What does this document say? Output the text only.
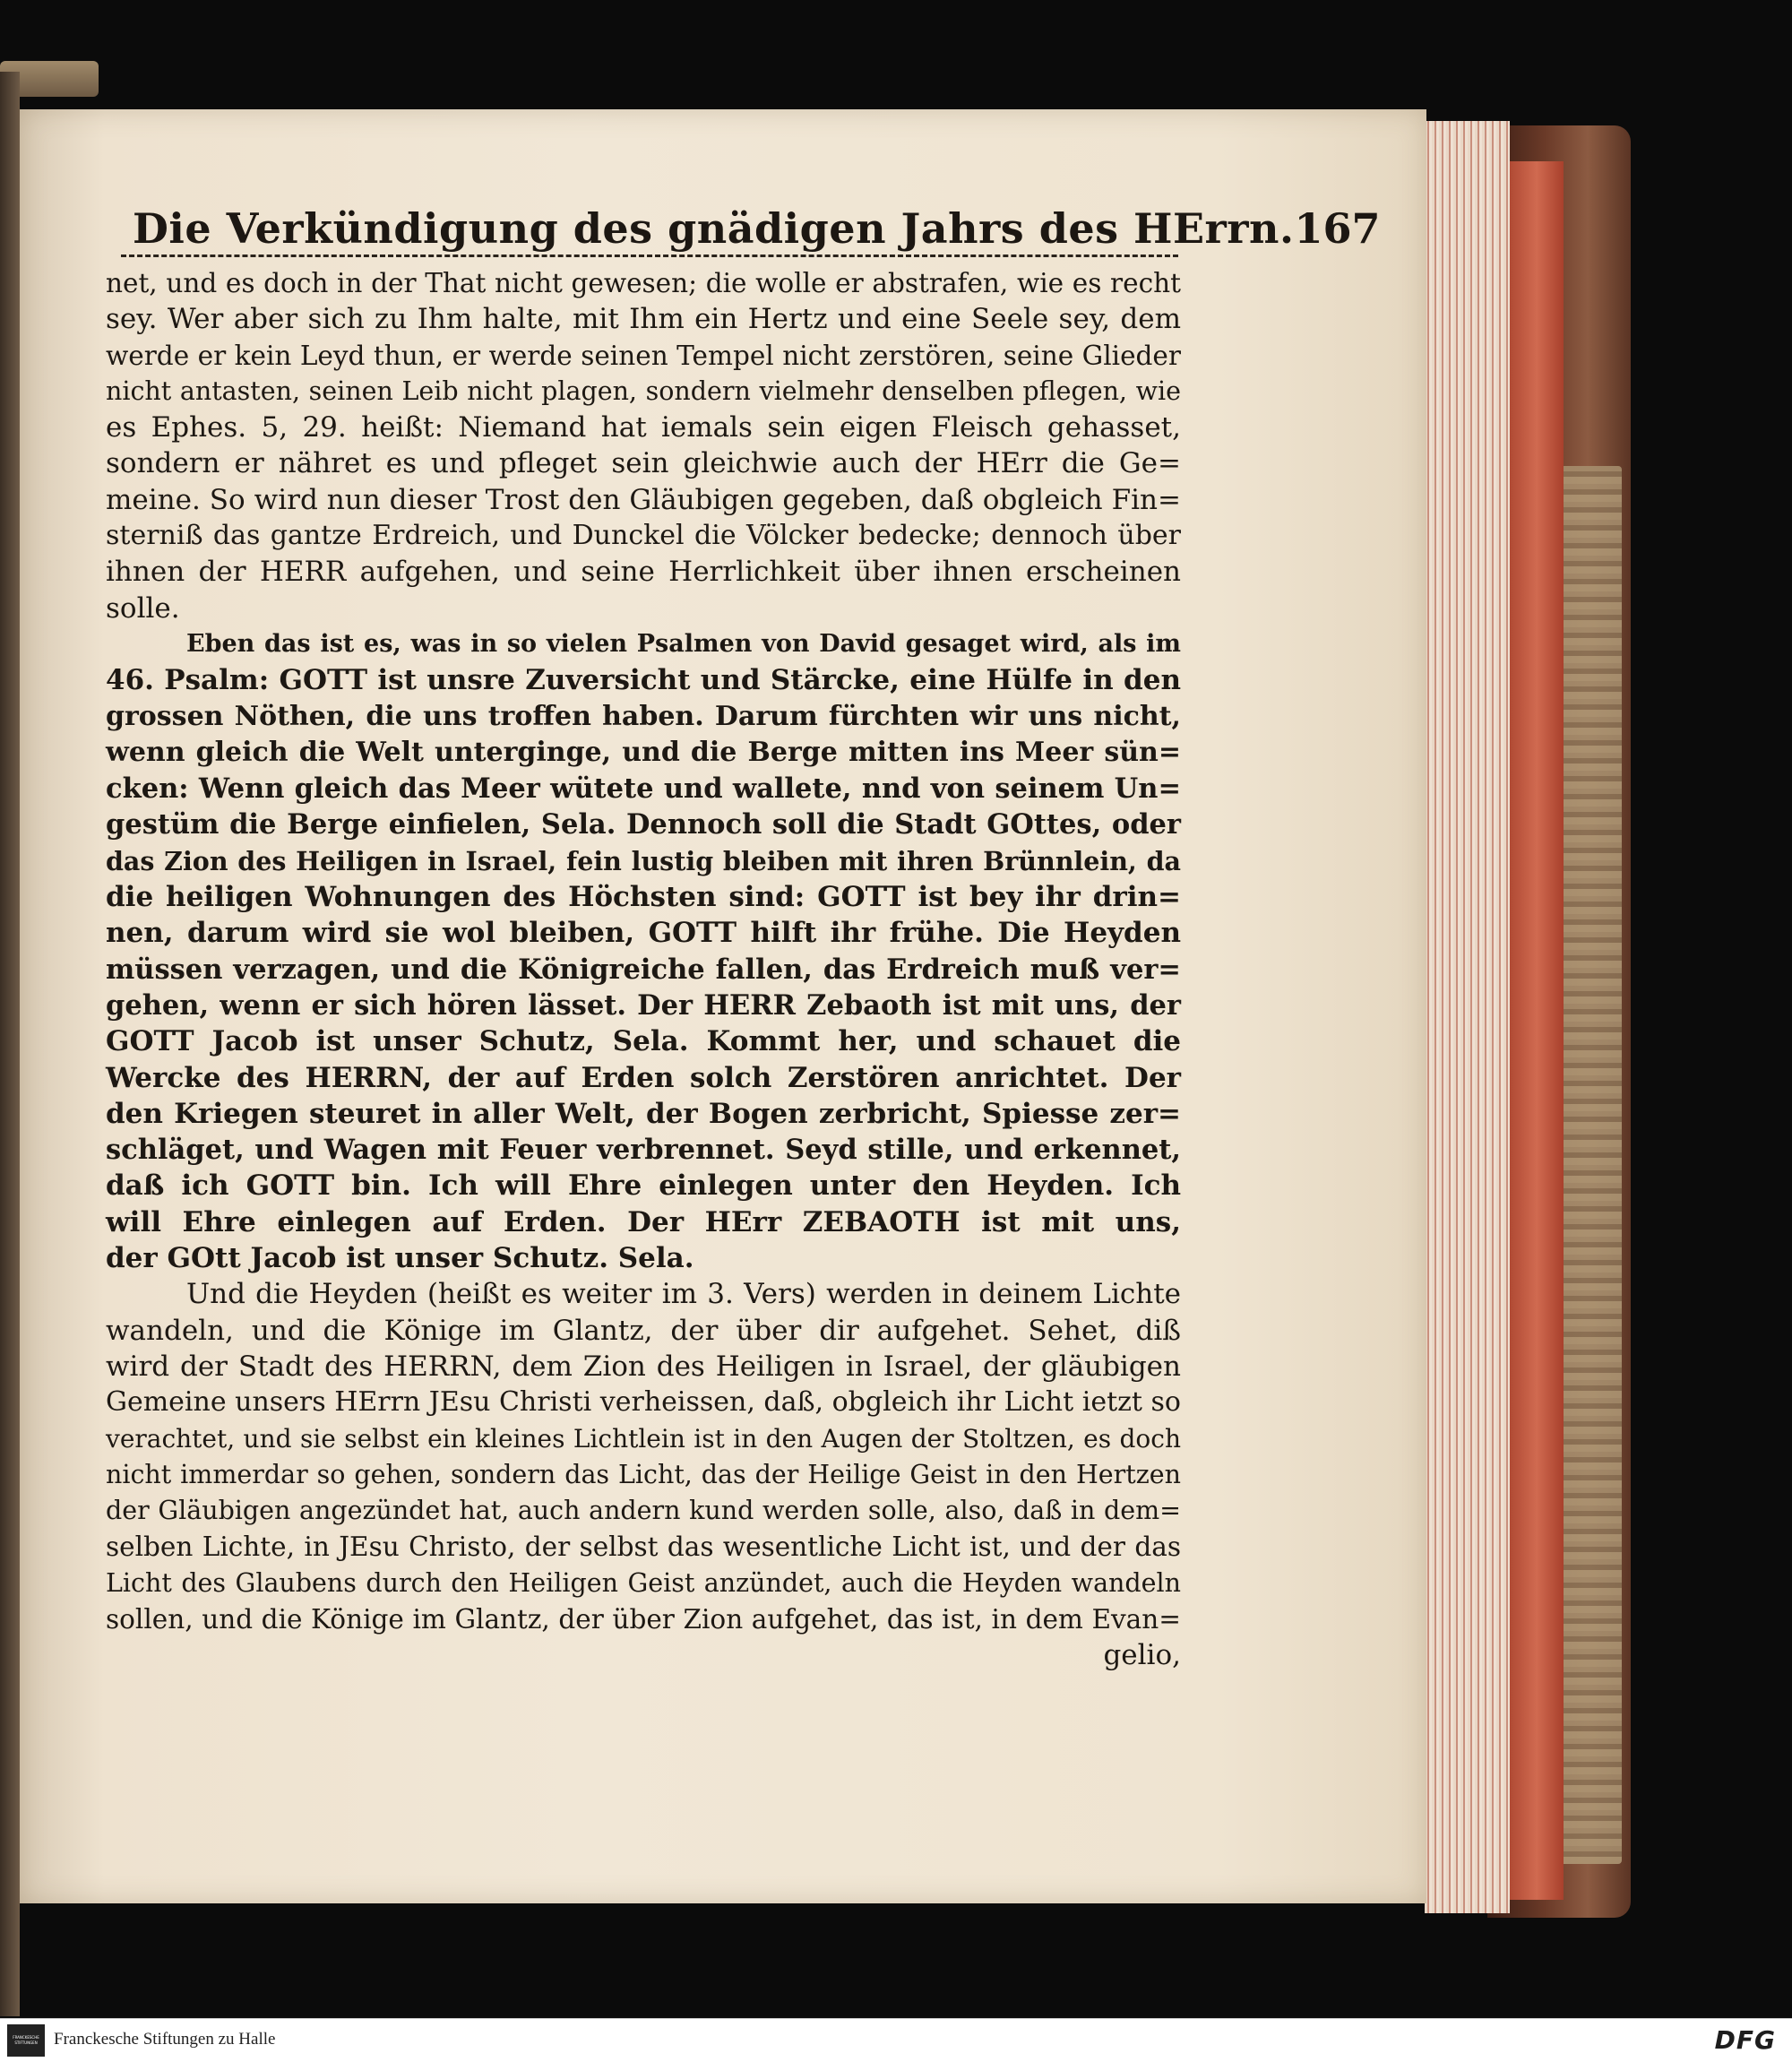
Die Verkündigung des gnädigen Jahrs des HErrn. 167
net, und es doch in der That nicht gewesen; die wolle er abstrafen, wie es recht
sey. Wer aber sich zu Ihm halte, mit Ihm ein Hertz und eine Seele sey, dem
werde er kein Leyd thun, er werde seinen Tempel nicht zerstören, seine Glieder
nicht antasten, seinen Leib nicht plagen, sondern vielmehr denselben pflegen, wie
es Ephes. 5, 29. heißt: Niemand hat iemals sein eigen Fleisch gehasset,
sondern er nähret es und pfleget sein gleichwie auch der HErr die Ge=
meine. So wird nun dieser Trost den Gläubigen gegeben, daß obgleich Fin=
sterniß das gantze Erdreich, und Dunckel die Völcker bedecke; dennoch über
ihnen der HERR aufgehen, und seine Herrlichkeit über ihnen erscheinen
solle.
Eben das ist es, was in so vielen Psalmen von David gesaget wird, als im
46. Psalm: GOTT ist unsre Zuversicht und Stärcke, eine Hülfe in den
grossen Nöthen, die uns troffen haben. Darum fürchten wir uns nicht,
wenn gleich die Welt unterginge, und die Berge mitten ins Meer sün=
cken: Wenn gleich das Meer wütete und wallete, nnd von seinem Un=
gestüm die Berge einfielen, Sela. Dennoch soll die Stadt GOttes, oder
das Zion des Heiligen in Israel, fein lustig bleiben mit ihren Brünnlein, da
die heiligen Wohnungen des Höchsten sind: GOTT ist bey ihr drin=
nen, darum wird sie wol bleiben, GOTT hilft ihr frühe. Die Heyden
müssen verzagen, und die Königreiche fallen, das Erdreich muß ver=
gehen, wenn er sich hören lässet. Der HERR Zebaoth ist mit uns, der
GOTT Jacob ist unser Schutz, Sela. Kommt her, und schauet die
Wercke des HERRN, der auf Erden solch Zerstören anrichtet. Der
den Kriegen steuret in aller Welt, der Bogen zerbricht, Spiesse zer=
schläget, und Wagen mit Feuer verbrennet. Seyd stille, und erkennet,
daß ich GOTT bin. Ich will Ehre einlegen unter den Heyden. Ich
will Ehre einlegen auf Erden. Der HErr ZEBAOTH ist mit uns,
der GOtt Jacob ist unser Schutz. Sela.
Und die Heyden (heißt es weiter im 3. Vers) werden in deinem Lichte
wandeln, und die Könige im Glantz, der über dir aufgehet. Sehet, diß
wird der Stadt des HERRN, dem Zion des Heiligen in Israel, der gläubigen
Gemeine unsers HErrn JEsu Christi verheissen, daß, obgleich ihr Licht ietzt so
verachtet, und sie selbst ein kleines Lichtlein ist in den Augen der Stoltzen, es doch
nicht immerdar so gehen, sondern das Licht, das der Heilige Geist in den Hertzen
der Gläubigen angezündet hat, auch andern kund werden solle, also, daß in dem=
selben Lichte, in JEsu Christo, der selbst das wesentliche Licht ist, und der das
Licht des Glaubens durch den Heiligen Geist anzündet, auch die Heyden wandeln
sollen, und die Könige im Glantz, der über Zion aufgehet, das ist, in dem Evan=
gelio,
FRANCKESCHE STIFTUNGEN Franckesche Stiftungen zu Halle	DFG
